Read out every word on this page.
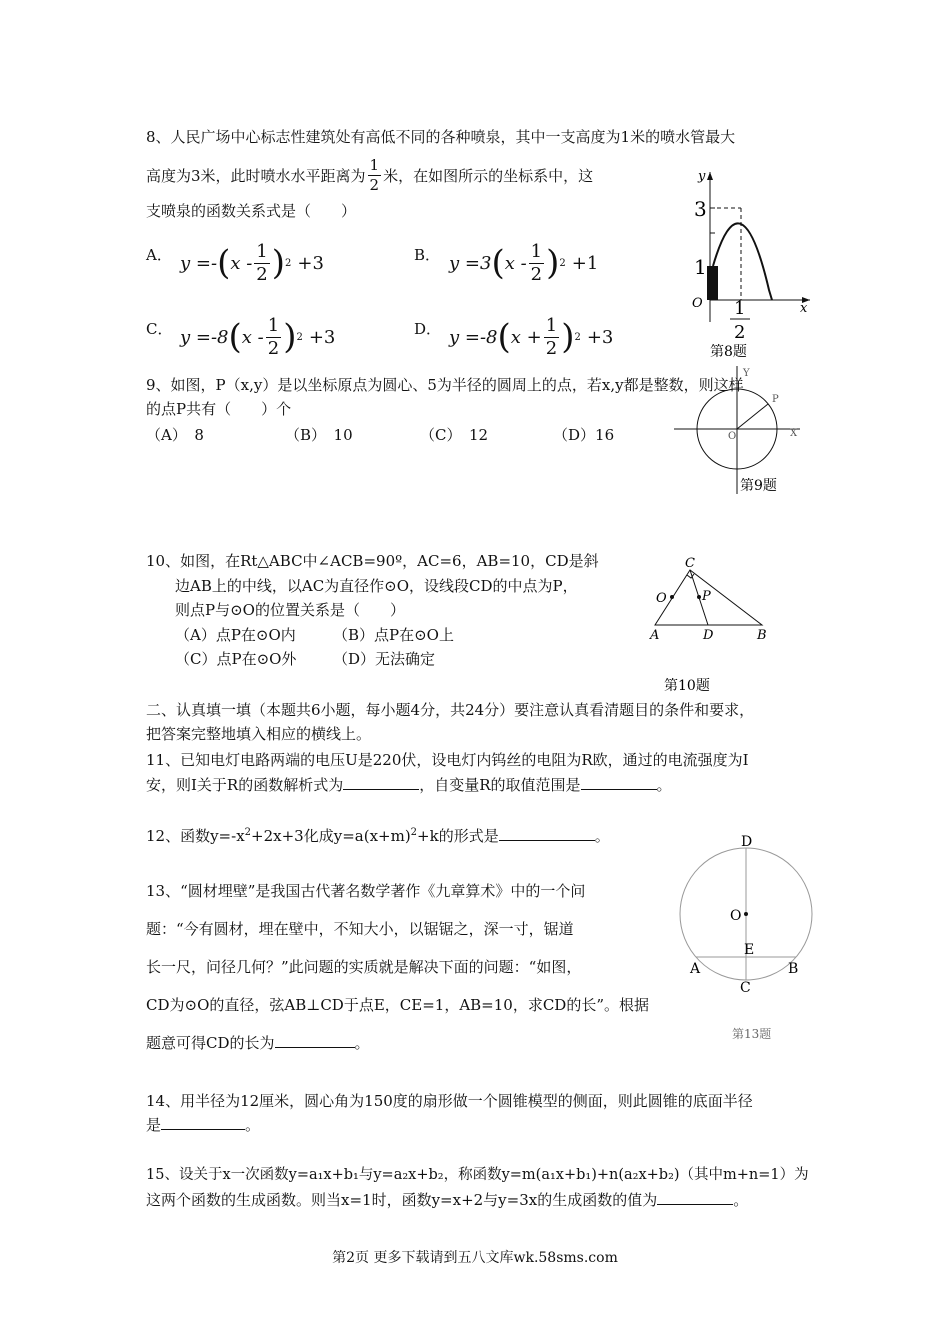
8、人民广场中心标志性建筑处有高低不同的各种喷泉，其中一支高度为1米的喷水管最大
高度为3米，此时喷水水平距离为 $\frac{1}{2}$ 米，在如图所示的坐标系中，这
支喷泉的函数关系式是（　　）
A． y =- ( x - $\frac{1}{2}$ ) 2 +3	B． y =3 ( x - $\frac{1}{2}$ ) 2 +1
C． y =-8 ( x - $\frac{1}{2}$ ) 2 +3	D． y =-8 ( $x + \frac{1}{2}$ ) 2 +3
y
x
O
3
1
1
2
第8题
9、如图，P（x,y）是以坐标原点为圆心、5为半径的圆周上的点，若x,y都是整数，则这样
的点P共有（　　）个
（A）　8	（B）　10	（C）　12	（D）16
Y
X
O
P
第9题
10、如图，在Rt△ABC中∠ACB=90º，AC=6，AB=10，CD是斜
边AB上的中线，以AC为直径作⊙O，设线段CD的中点为P，
则点P与⊙O的位置关系是（　　）
（A）点P在⊙O内 （B）点P在⊙O上
（C）点P在⊙O外 （D）无法确定
C
O	P
A	D	B
第10题
二、认真填一填（本题共6小题，每小题4分，共24分）要注意认真看清题目的条件和要求，
把答案完整地填入相应的横线上。
11、已知电灯电路两端的电压U是220伏，设电灯内钨丝的电阻为R欧，通过的电流强度为I
安，则I关于R的函数解析式为	，自变量R的取值范围是	。
12、函数$y=-x^2+2x+3$化成$y=a(x+m)^2+k$的形式是	。
13、“圆材埋壁”是我国古代著名数学著作《九章算术》中的一个问
题：“今有圆材，埋在壁中，不知大小，以锯锯之，深一寸，锯道
长一尺，问径几何？”此问题的实质就是解决下面的问题：“如图，
CD为⊙O的直径，弦AB⊥CD于点E，CE=1，AB=10，求CD的长”。根据
题意可得CD的长为	。
D
O
E
A	B
C
第13题
14、用半径为12厘米，圆心角为150度的扇形做一个圆锥模型的侧面，则此圆锥的底面半径
是	。
15、设关于x一次函数y=a₁x+b₁与y=a₂x+b₂，称函数y=m(a₁x+b₁)+n(a₂x+b₂)（其中m+n=1）为
这两个函数的生成函数。则当x=1时，函数y=x+2与y=3x的生成函数的值为	。
第2页 更多下载请到五八文库wk.58sms.com
